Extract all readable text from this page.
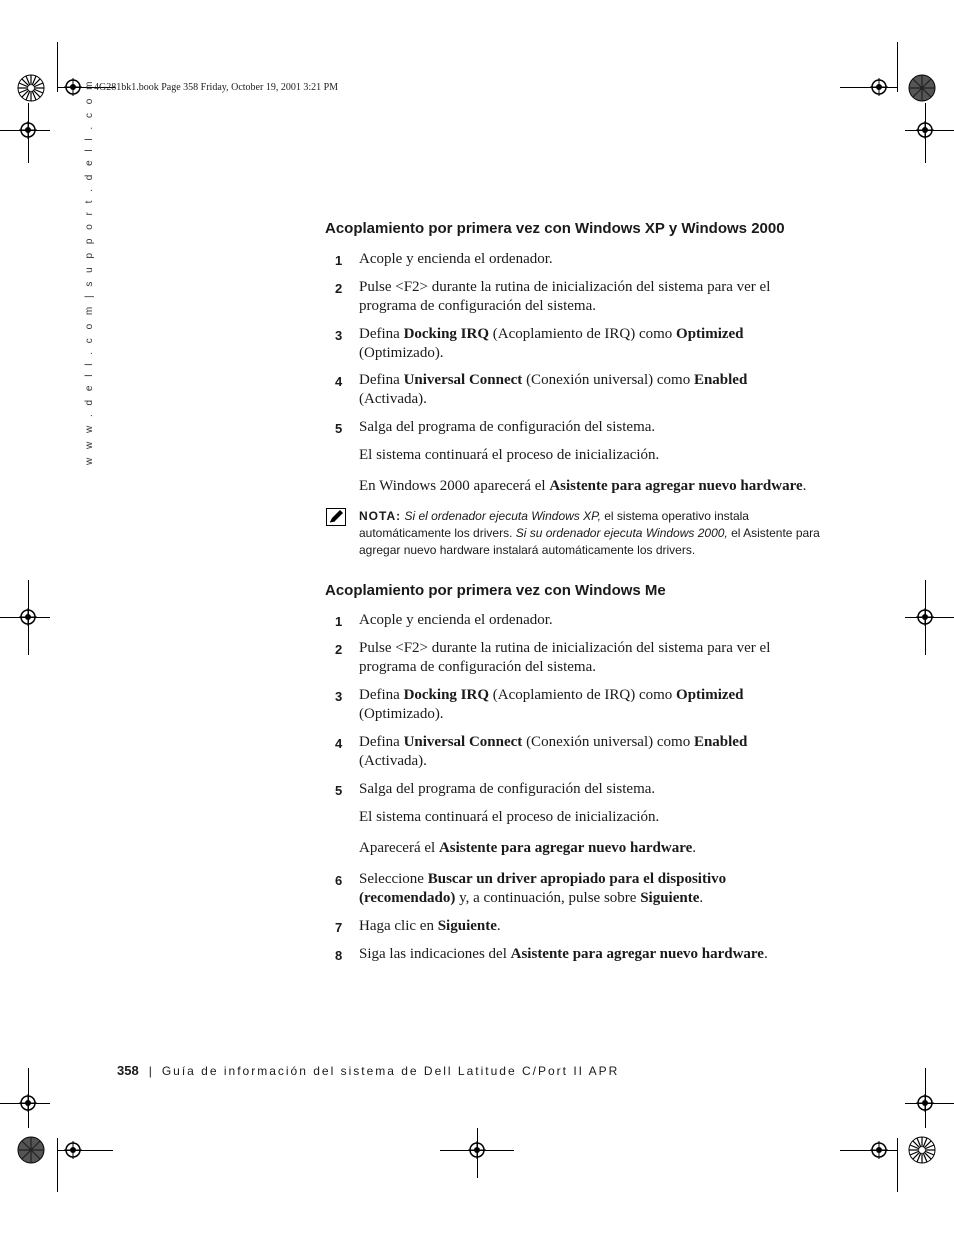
4G281bk1.book Page 358 Friday, October 19, 2001 3:21 PM
w w w . d e l l . c o m | s u p p o r t . d e l l . c o m	Acoplamiento por primera vez con Windows XP y Windows 2000
1 Acople y encienda el ordenador.
2 Pulse <F2> durante la rutina de inicialización del sistema para ver el programa de configuración del sistema.
3 Defina Docking IRQ (Acoplamiento de IRQ) como Optimized (Optimizado).
4 Defina Universal Connect (Conexión universal) como Enabled (Activada).
5 Salga del programa de configuración del sistema.
El sistema continuará el proceso de inicialización.
En Windows 2000 aparecerá el Asistente para agregar nuevo hardware.
NOTA: Si el ordenador ejecuta Windows XP, el sistema operativo instala automáticamente los drivers. Si su ordenador ejecuta Windows 2000, el Asistente para agregar nuevo hardware instalará automáticamente los drivers.
Acoplamiento por primera vez con Windows Me
1 Acople y encienda el ordenador.
2 Pulse <F2> durante la rutina de inicialización del sistema para ver el programa de configuración del sistema.
3 Defina Docking IRQ (Acoplamiento de IRQ) como Optimized (Optimizado).
4 Defina Universal Connect (Conexión universal) como Enabled (Activada).
5 Salga del programa de configuración del sistema.
El sistema continuará el proceso de inicialización.
Aparecerá el Asistente para agregar nuevo hardware.
6 Seleccione Buscar un driver apropiado para el dispositivo (recomendado) y, a continuación, pulse sobre Siguiente.
7 Haga clic en Siguiente.
8 Siga las indicaciones del Asistente para agregar nuevo hardware.
358 | Guía de información del sistema de Dell Latitude C/Port II APR
